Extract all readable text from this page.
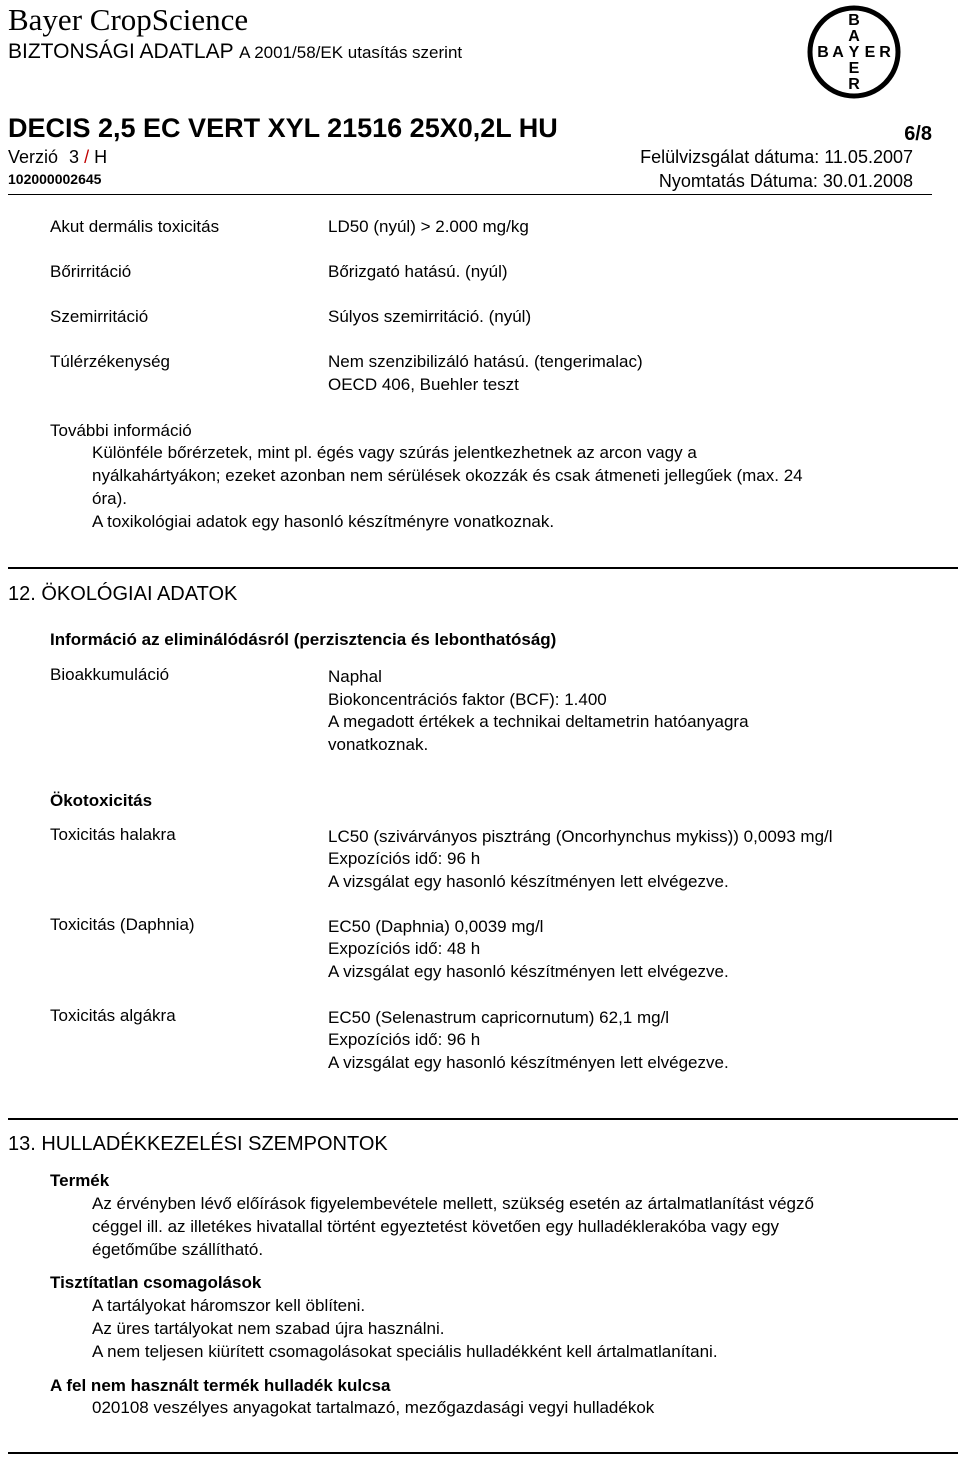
Bayer CropScience
BIZTONSÁGI ADATLAP A 2001/58/EK utasítás szerint
B
A
E
R
B A Y E R
DECIS 2,5 EC VERT XYL 21516 25X0,2L HU	6/8
Verzió 3 / H	Felülvizsgálat dátuma: 11.05.2007
102000002645	Nyomtatás Dátuma: 30.01.2008
Akut dermális toxicitás	LD50 (nyúl) > 2.000 mg/kg
Bőrirritáció	Bőrizgató hatású. (nyúl)
Szemirritáció	Súlyos szemirritáció. (nyúl)
Túlérzékenység	Nem szenzibilizáló hatású. (tengerimalac)
OECD 406, Buehler teszt
További információ
Különféle bőrérzetek, mint pl. égés vagy szúrás jelentkezhetnek az arcon vagy a
nyálkahártyákon; ezeket azonban nem sérülések okozzák és csak átmeneti jellegűek (max. 24
óra).
A toxikológiai adatok egy hasonló készítményre vonatkoznak.
12. ÖKOLÓGIAI ADATOK
Információ az eliminálódásról (perzisztencia és lebonthatóság)
Bioakkumuláció	Naphal
Biokoncentrációs faktor (BCF): 1.400
A megadott értékek a technikai deltametrin hatóanyagra
vonatkoznak.
Ökotoxicitás
Toxicitás halakra	LC50 (szivárványos pisztráng (Oncorhynchus mykiss)) 0,0093 mg/l
Expozíciós idő: 96 h
A vizsgálat egy hasonló készítményen lett elvégezve.
Toxicitás (Daphnia)	EC50 (Daphnia) 0,0039 mg/l
Expozíciós idő: 48 h
A vizsgálat egy hasonló készítményen lett elvégezve.
Toxicitás algákra	EC50 (Selenastrum capricornutum) 62,1 mg/l
Expozíciós idő: 96 h
A vizsgálat egy hasonló készítményen lett elvégezve.
13. HULLADÉKKEZELÉSI SZEMPONTOK
Termék
Az érvényben lévő előírások figyelembevétele mellett, szükség esetén az ártalmatlanítást végző
céggel ill. az illetékes hivatallal történt egyeztetést követően egy hulladéklerakóba vagy egy
égetőműbe szállítható.
Tisztítatlan csomagolások
A tartályokat háromszor kell öblíteni.
Az üres tartályokat nem szabad újra használni.
A nem teljesen kiürített csomagolásokat speciális hulladékként kell ártalmatlanítani.
A fel nem használt termék hulladék kulcsa
020108 veszélyes anyagokat tartalmazó, mezőgazdasági vegyi hulladékok
